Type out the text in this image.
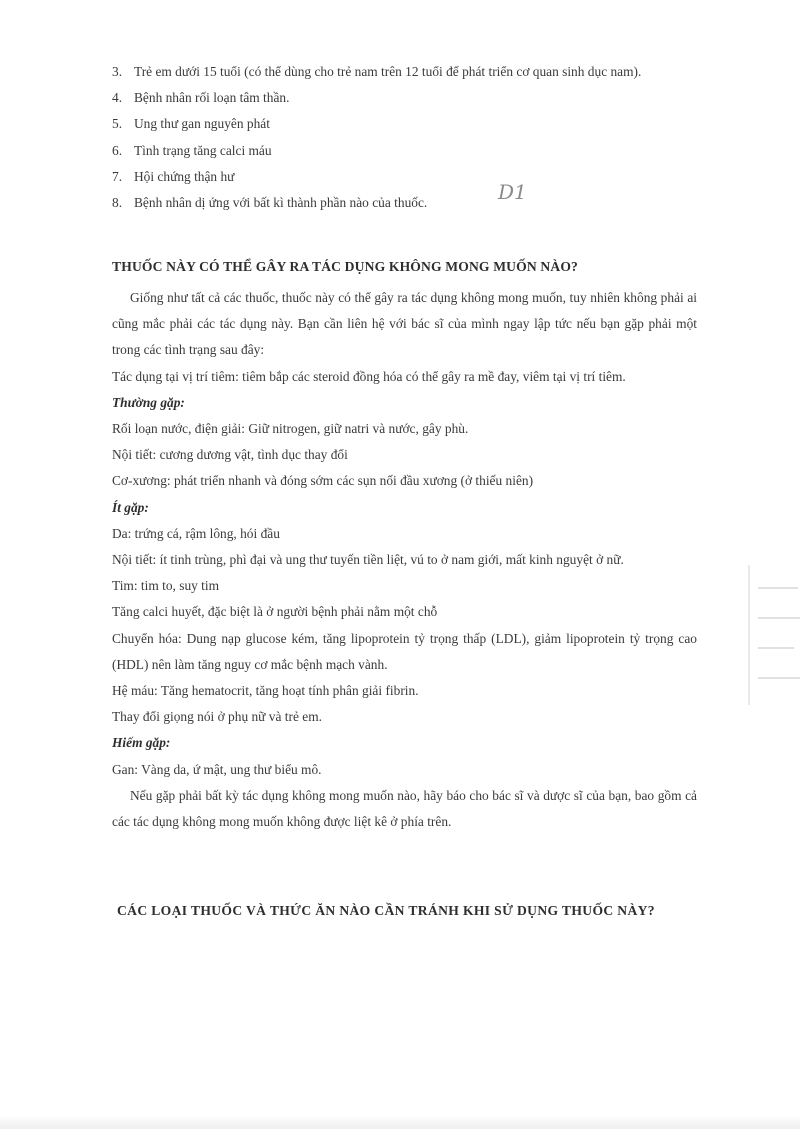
3. Trẻ em dưới 15 tuổi (có thể dùng cho trẻ nam trên 12 tuổi để phát triển cơ quan sinh dục nam).
4. Bệnh nhân rối loạn tâm thần.
5. Ung thư gan nguyên phát
6. Tình trạng tăng calci máu
7. Hội chứng thận hư
8. Bệnh nhân dị ứng với bất kì thành phần nào của thuốc.	D1
THUỐC NÀY CÓ THỂ GÂY RA TÁC DỤNG KHÔNG MONG MUỐN NÀO?

Giống như tất cả các thuốc, thuốc này có thể gây ra tác dụng không mong muốn, tuy nhiên không phải ai cũng mắc phải các tác dụng này. Bạn cần liên hệ với bác sĩ của mình ngay lập tức nếu bạn gặp phải một trong các tình trạng sau đây:

Tác dụng tại vị trí tiêm: tiêm bắp các steroid đồng hóa có thể gây ra mề đay, viêm tại vị trí tiêm.

Thường gặp:
Rối loạn nước, điện giải: Giữ nitrogen, giữ natri và nước, gây phù.
Nội tiết: cương dương vật, tình dục thay đổi
Cơ-xương: phát triển nhanh và đóng sớm các sụn nối đầu xương (ở thiếu niên)
Ít gặp:
Da: trứng cá, rậm lông, hói đầu

Nội tiết: ít tinh trùng, phì đại và ung thư tuyến tiền liệt, vú to ở nam giới, mất kinh nguyệt ở nữ.

Tim: tim to, suy tim
Tăng calci huyết, đặc biệt là ở người bệnh phải nằm một chỗ

Chuyển hóa: Dung nạp glucose kém, tăng lipoprotein tỷ trọng thấp (LDL), giảm lipoprotein tỷ trọng cao (HDL) nên làm tăng nguy cơ mắc bệnh mạch vành.

Hệ máu: Tăng hematocrit, tăng hoạt tính phân giải fibrin.
Thay đổi giọng nói ở phụ nữ và trẻ em.
Hiếm gặp:
Gan: Vàng da, ứ mật, ung thư biểu mô.

Nếu gặp phải bất kỳ tác dụng không mong muốn nào, hãy báo cho bác sĩ và dược sĩ của bạn, bao gồm cả các tác dụng không mong muốn không được liệt kê ở phía trên.

CÁC LOẠI THUỐC VÀ THỨC ĂN NÀO CẦN TRÁNH KHI SỬ DỤNG THUỐC NÀY?
